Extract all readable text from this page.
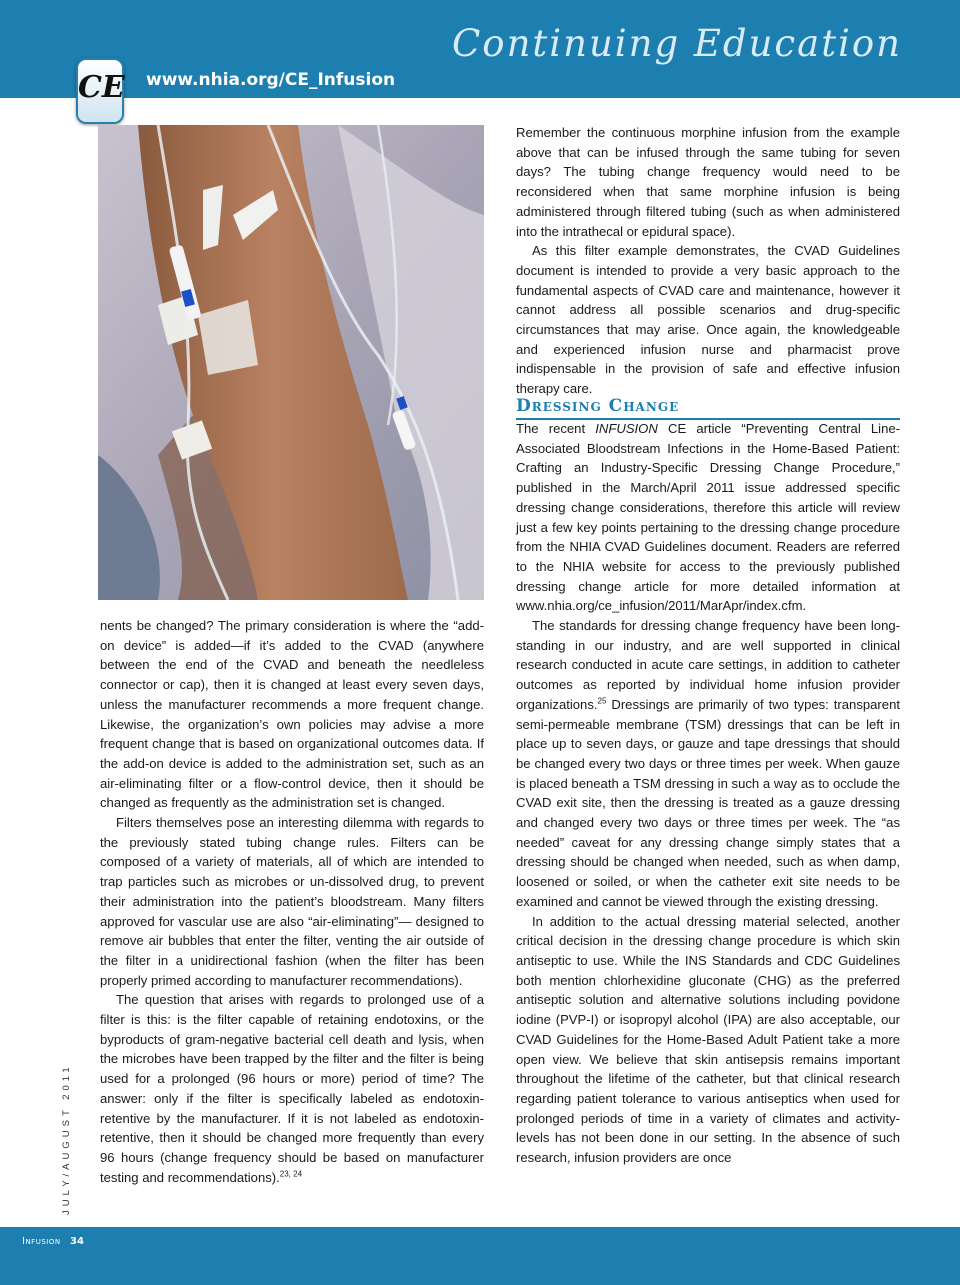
Continuing Education
CE www.nhia.org/CE_Infusion

nents be changed? The primary consideration is where the “add-on device” is added—if it’s added to the CVAD (anywhere between the end of the CVAD and beneath the needleless connector or cap), then it is changed at least every seven days, unless the manufacturer recommends a more frequent change. Likewise, the organization’s own policies may advise a more frequent change that is based on organizational outcomes data. If the add-on device is added to the administration set, such as an air-eliminating filter or a flow-control device, then it should be changed as frequently as the administration set is changed.

Filters themselves pose an interesting dilemma with regards to the previously stated tubing change rules. Filters can be composed of a variety of materials, all of which are intended to trap particles such as microbes or un-dissolved drug, to prevent their administration into the patient’s bloodstream. Many filters approved for vascular use are also “air-eliminating”— designed to remove air bubbles that enter the filter, venting the air outside of the filter in a unidirectional fashion (when the filter has been properly primed according to manufacturer recommendations).

The question that arises with regards to prolonged use of a filter is this: is the filter capable of retaining endotoxins, or the byproducts of gram-negative bacterial cell death and lysis, when the microbes have been trapped by the filter and the filter is being used for a prolonged (96 hours or more) period of time? The answer: only if the filter is specifically labeled as endotoxin-retentive by the manufacturer. If it is not labeled as endotoxin-retentive, then it should be changed more frequently than every 96 hours (change frequency should be based on manufacturer testing and recommendations).$^{23, 24}$

Remember the continuous morphine infusion from the example above that can be infused through the same tubing for seven days? The tubing change frequency would need to be reconsidered when that same morphine infusion is being administered through filtered tubing (such as when administered into the intrathecal or epidural space).

As this filter example demonstrates, the CVAD Guidelines document is intended to provide a very basic approach to the fundamental aspects of CVAD care and maintenance, however it cannot address all possible scenarios and drug-specific circumstances that may arise. Once again, the knowledgeable and experienced infusion nurse and pharmacist prove indispensable in the provision of safe and effective infusion therapy care.

Dressing Change

The recent INFUSION CE article “Preventing Central Line-Associated Bloodstream Infections in the Home-Based Patient: Crafting an Industry-Specific Dressing Change Procedure,” published in the March/April 2011 issue addressed specific dressing change considerations, therefore this article will review just a few key points pertaining to the dressing change procedure from the NHIA CVAD Guidelines document. Readers are referred to the NHIA website for access to the previously published dressing change article for more detailed information at www.nhia.org/ce_infusion/2011/MarApr/index.cfm.

The standards for dressing change frequency have been long-standing in our industry, and are well supported in clinical research conducted in acute care settings, in addition to catheter outcomes as reported by individual home infusion provider organizations.$^{25}$ Dressings are primarily of two types: transparent semi-permeable membrane (TSM) dressings that can be left in place up to seven days, or gauze and tape dressings that should be changed every two days or three times per week. When gauze is placed beneath a TSM dressing in such a way as to occlude the CVAD exit site, then the dressing is treated as a gauze dressing and changed every two days or three times per week. The “as needed” caveat for any dressing change simply states that a dressing should be changed when needed, such as when damp, loosened or soiled, or when the catheter exit site needs to be examined and cannot be viewed through the existing dressing.

In addition to the actual dressing material selected, another critical decision in the dressing change procedure is which skin antiseptic to use. While the INS Standards and CDC Guidelines both mention chlorhexidine gluconate (CHG) as the preferred antiseptic solution and alternative solutions including povidone iodine (PVP-I) or isopropyl alcohol (IPA) are also acceptable, our CVAD Guidelines for the Home-Based Adult Patient take a more open view. We believe that skin antisepsis remains important throughout the lifetime of the catheter, but that clinical research regarding patient tolerance to various antiseptics when used for prolonged periods of time in a variety of climates and activity-levels has not been done in our setting. In the absence of such research, infusion providers are once

JULY/AUGUST 2011
Infusion 34
